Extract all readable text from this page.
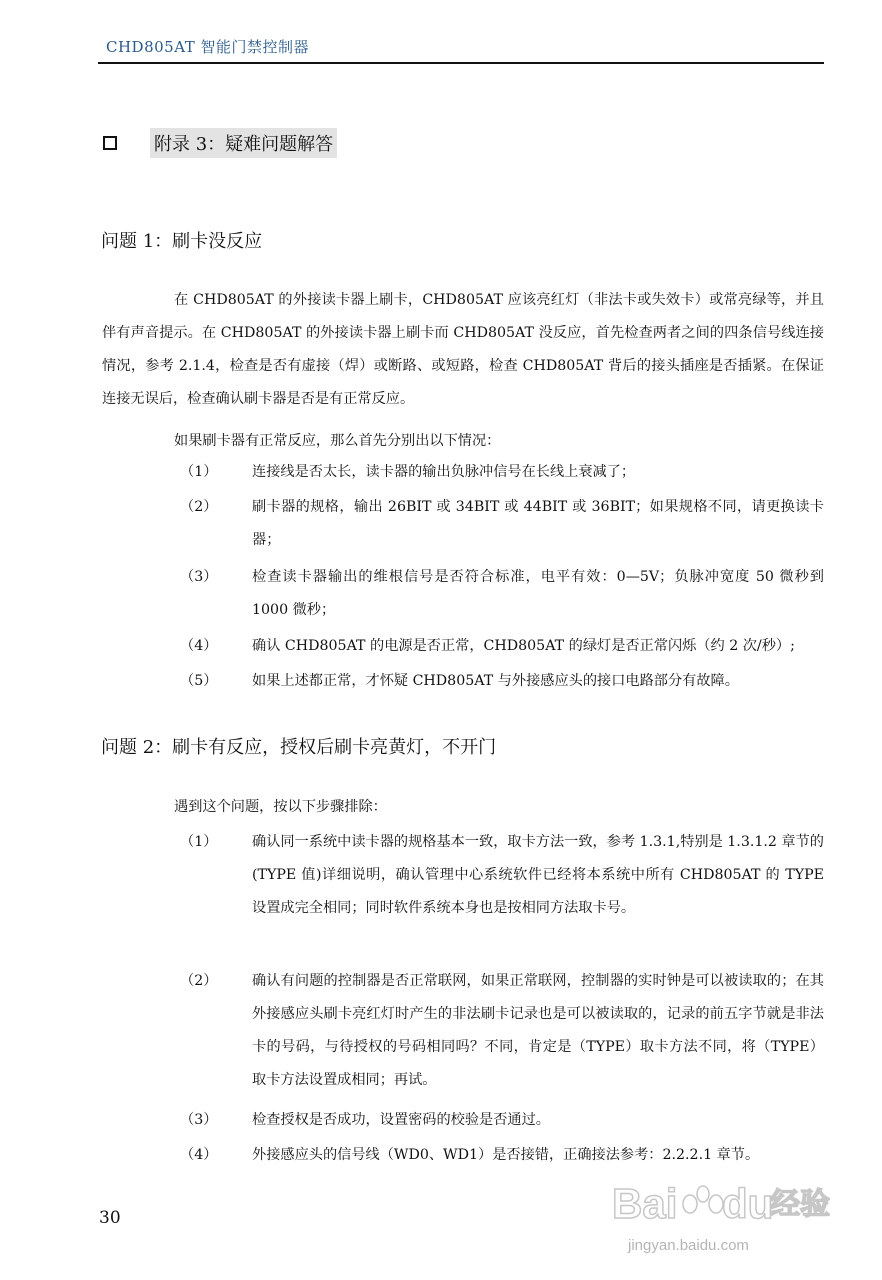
CHD805AT 智能门禁控制器
附录 3：疑难问题解答
问题 1：刷卡没反应
在 CHD805AT 的外接读卡器上刷卡，CHD805AT 应该亮红灯（非法卡或失效卡）或常亮绿等，并且伴有声音提示。在 CHD805AT 的外接读卡器上刷卡而 CHD805AT 没反应，首先检查两者之间的四条信号线连接情况，参考 2.1.4，检查是否有虚接（焊）或断路、或短路，检查 CHD805AT 背后的接头插座是否插紧。在保证连接无误后，检查确认刷卡器是否是有正常反应。
如果刷卡器有正常反应，那么首先分别出以下情况：
（1） 连接线是否太长，读卡器的输出负脉冲信号在长线上衰减了；
（2） 刷卡器的规格，输出 26BIT 或 34BIT 或 44BIT 或 36BIT；如果规格不同，请更换读卡器；
（3） 检查读卡器输出的维根信号是否符合标准，电平有效：0—5V；负脉冲宽度 50 微秒到 1000 微秒；
（4） 确认 CHD805AT 的电源是否正常，CHD805AT 的绿灯是否正常闪烁（约 2 次/秒）;
（5） 如果上述都正常，才怀疑 CHD805AT 与外接感应头的接口电路部分有故障。
问题 2：刷卡有反应，授权后刷卡亮黄灯，不开门
遇到这个问题，按以下步骤排除：
（1） 确认同一系统中读卡器的规格基本一致，取卡方法一致，参考 1.3.1,特别是 1.3.1.2 章节的(TYPE 值)详细说明，确认管理中心系统软件已经将本系统中所有 CHD805AT 的 TYPE 设置成完全相同；同时软件系统本身也是按相同方法取卡号。
（2） 确认有问题的控制器是否正常联网，如果正常联网，控制器的实时钟是可以被读取的；在其外接感应头刷卡亮红灯时产生的非法刷卡记录也是可以被读取的，记录的前五字节就是非法卡的号码，与待授权的号码相同吗？不同，肯定是（TYPE）取卡方法不同，将（TYPE）取卡方法设置成相同；再试。
（3） 检查授权是否成功，设置密码的校验是否通过。
（4） 外接感应头的信号线（WD0、WD1）是否接错，正确接法参考：2.2.2.1 章节。
30	Bai du
经验
jingyan.baidu.com
